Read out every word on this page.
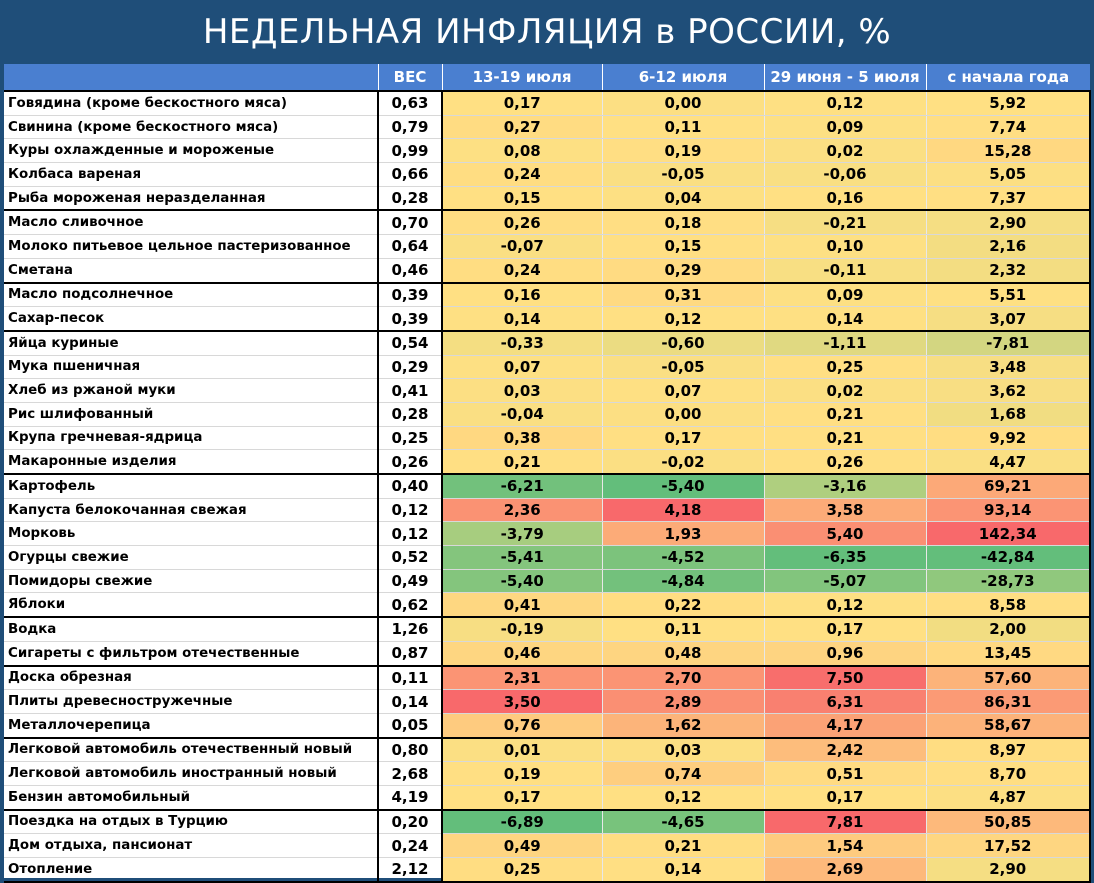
НЕДЕЛЬНАЯ ИНФЛЯЦИЯ в РОССИИ, %
	ВЕС	13-19 июля	6-12 июля	29 июня - 5 июля	с начала года
Говядина (кроме бескостного мяса)	0,63	0,17	0,00	0,12	5,92
Свинина (кроме бескостного мяса)	0,79	0,27	0,11	0,09	7,74
Куры охлажденные и мороженые	0,99	0,08	0,19	0,02	15,28
Колбаса вареная	0,66	0,24	-0,05	-0,06	5,05
Рыба мороженая неразделанная	0,28	0,15	0,04	0,16	7,37
Масло сливочное	0,70	0,26	0,18	-0,21	2,90
Молоко питьевое цельное пастеризованное	0,64	-0,07	0,15	0,10	2,16
Сметана	0,46	0,24	0,29	-0,11	2,32
Масло подсолнечное	0,39	0,16	0,31	0,09	5,51
Сахар-песок	0,39	0,14	0,12	0,14	3,07
Яйца куриные	0,54	-0,33	-0,60	-1,11	-7,81
Мука пшеничная	0,29	0,07	-0,05	0,25	3,48
Хлеб из ржаной муки	0,41	0,03	0,07	0,02	3,62
Рис шлифованный	0,28	-0,04	0,00	0,21	1,68
Крупа гречневая-ядрица	0,25	0,38	0,17	0,21	9,92
Макаронные изделия	0,26	0,21	-0,02	0,26	4,47
Картофель	0,40	-6,21	-5,40	-3,16	69,21
Капуста белокочанная свежая	0,12	2,36	4,18	3,58	93,14
Морковь	0,12	-3,79	1,93	5,40	142,34
Огурцы свежие	0,52	-5,41	-4,52	-6,35	-42,84
Помидоры свежие	0,49	-5,40	-4,84	-5,07	-28,73
Яблоки	0,62	0,41	0,22	0,12	8,58
Водка	1,26	-0,19	0,11	0,17	2,00
Сигареты с фильтром отечественные	0,87	0,46	0,48	0,96	13,45
Доска обрезная	0,11	2,31	2,70	7,50	57,60
Плиты древесностружечные	0,14	3,50	2,89	6,31	86,31
Металлочерепица	0,05	0,76	1,62	4,17	58,67
Легковой автомобиль отечественный новый	0,80	0,01	0,03	2,42	8,97
Легковой автомобиль иностранный новый	2,68	0,19	0,74	0,51	8,70
Бензин автомобильный	4,19	0,17	0,12	0,17	4,87
Поездка на отдых в Турцию	0,20	-6,89	-4,65	7,81	50,85
Дом отдыха, пансионат	0,24	0,49	0,21	1,54	17,52
Отопление	2,12	0,25	0,14	2,69	2,90
